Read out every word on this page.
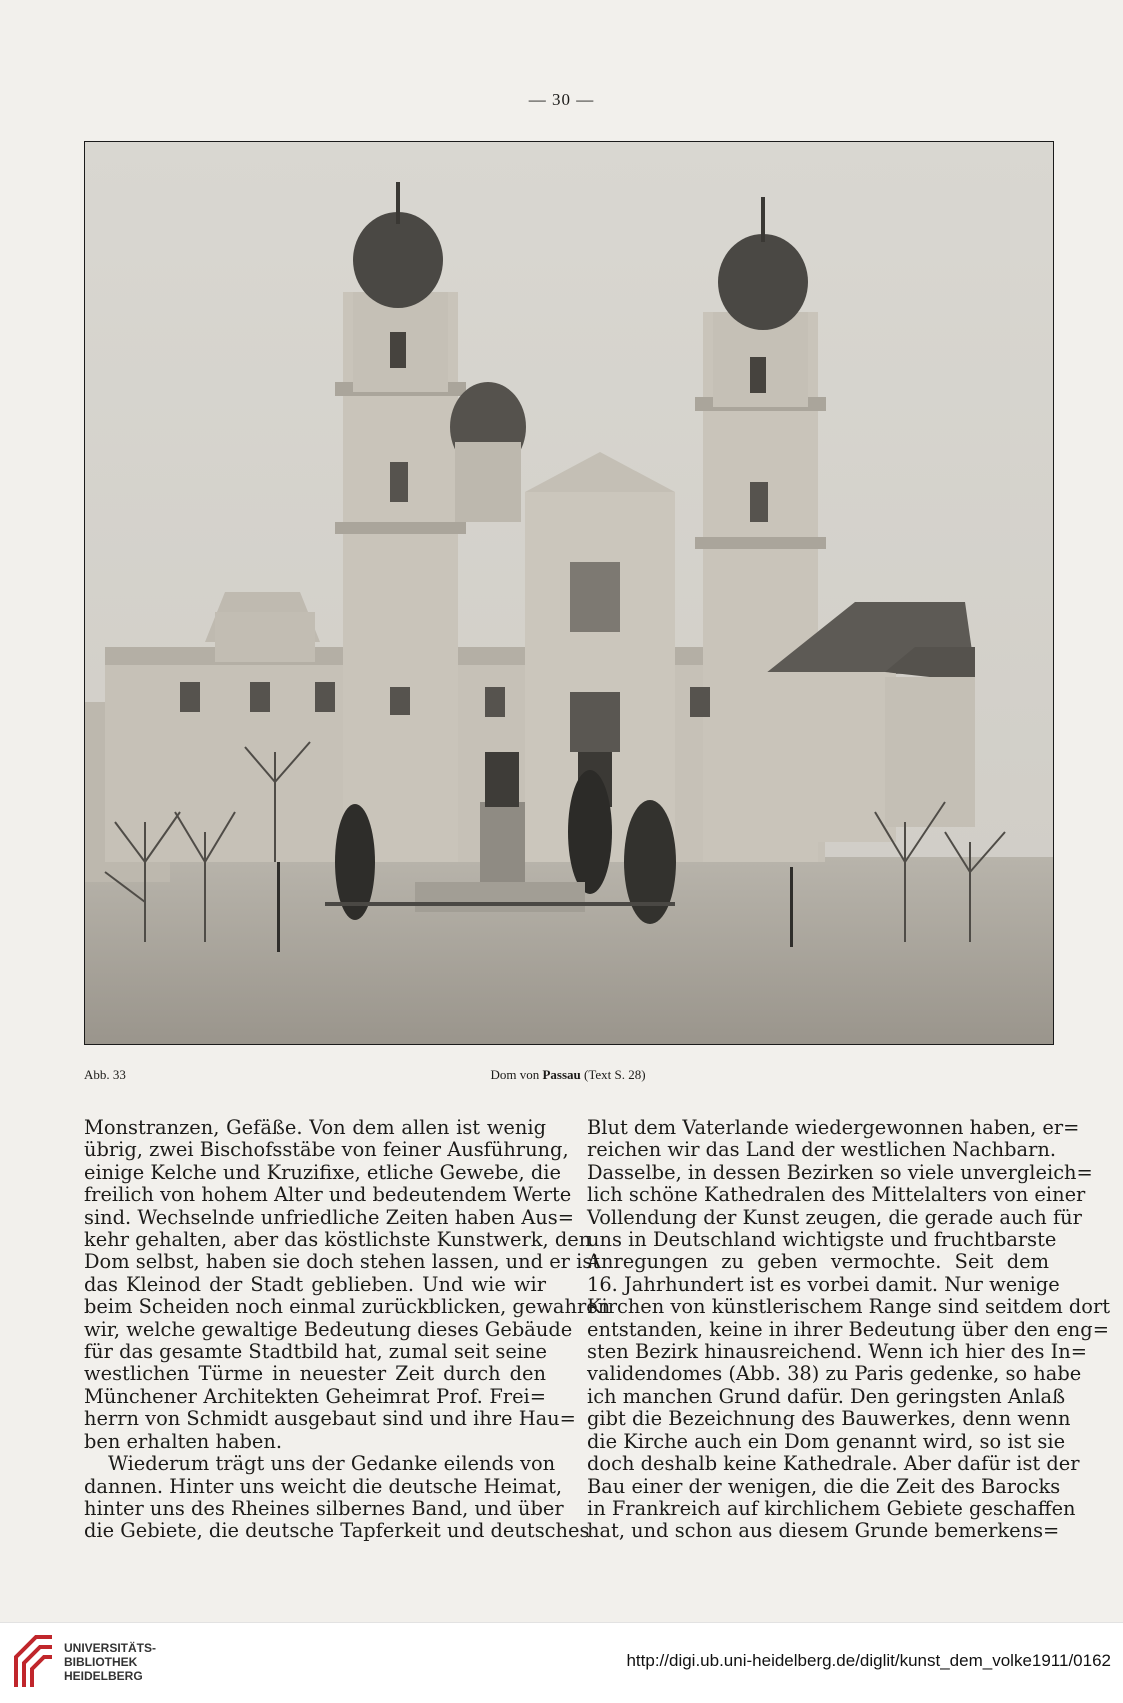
— 30 —
Abb. 33	Dom von Passau (Text S. 28)
Monstranzen, Gefäße. Von dem allen ist wenig
übrig, zwei Bischofsstäbe von feiner Ausführung,
einige Kelche und Kruzifixe, etliche Gewebe, die
freilich von hohem Alter und bedeutendem Werte
sind. Wechselnde unfriedliche Zeiten haben Aus=
kehr gehalten, aber das köstlichste Kunstwerk, den
Dom selbst, haben sie doch stehen lassen, und er ist
das Kleinod der Stadt geblieben. Und wie wir
beim Scheiden noch einmal zurückblicken, gewahren
wir, welche gewaltige Bedeutung dieses Gebäude
für das gesamte Stadtbild hat, zumal seit seine
westlichen Türme in neuester Zeit durch den
Münchener Architekten Geheimrat Prof. Frei=
herrn von Schmidt ausgebaut sind und ihre Hau=
ben erhalten haben.
Wiederum trägt uns der Gedanke eilends von
dannen. Hinter uns weicht die deutsche Heimat,
hinter uns des Rheines silbernes Band, und über
die Gebiete, die deutsche Tapferkeit und deutsches
Blut dem Vaterlande wiedergewonnen haben, er=
reichen wir das Land der westlichen Nachbarn.
Dasselbe, in dessen Bezirken so viele unvergleich=
lich schöne Kathedralen des Mittelalters von einer
Vollendung der Kunst zeugen, die gerade auch für
uns in Deutschland wichtigste und fruchtbarste
Anregungen zu geben vermochte. Seit dem
16. Jahrhundert ist es vorbei damit. Nur wenige
Kirchen von künstlerischem Range sind seitdem dort
entstanden, keine in ihrer Bedeutung über den eng=
sten Bezirk hinausreichend. Wenn ich hier des In=
validendomes (Abb. 38) zu Paris gedenke, so habe
ich manchen Grund dafür. Den geringsten Anlaß
gibt die Bezeichnung des Bauwerkes, denn wenn
die Kirche auch ein Dom genannt wird, so ist sie
doch deshalb keine Kathedrale. Aber dafür ist der
Bau einer der wenigen, die die Zeit des Barocks
in Frankreich auf kirchlichem Gebiete geschaffen
hat, und schon aus diesem Grunde bemerkens=
UNIVERSITÄTS-
BIBLIOTHEK
HEIDELBERG
http://digi.ub.uni-heidelberg.de/diglit/kunst_dem_volke1911/0162
